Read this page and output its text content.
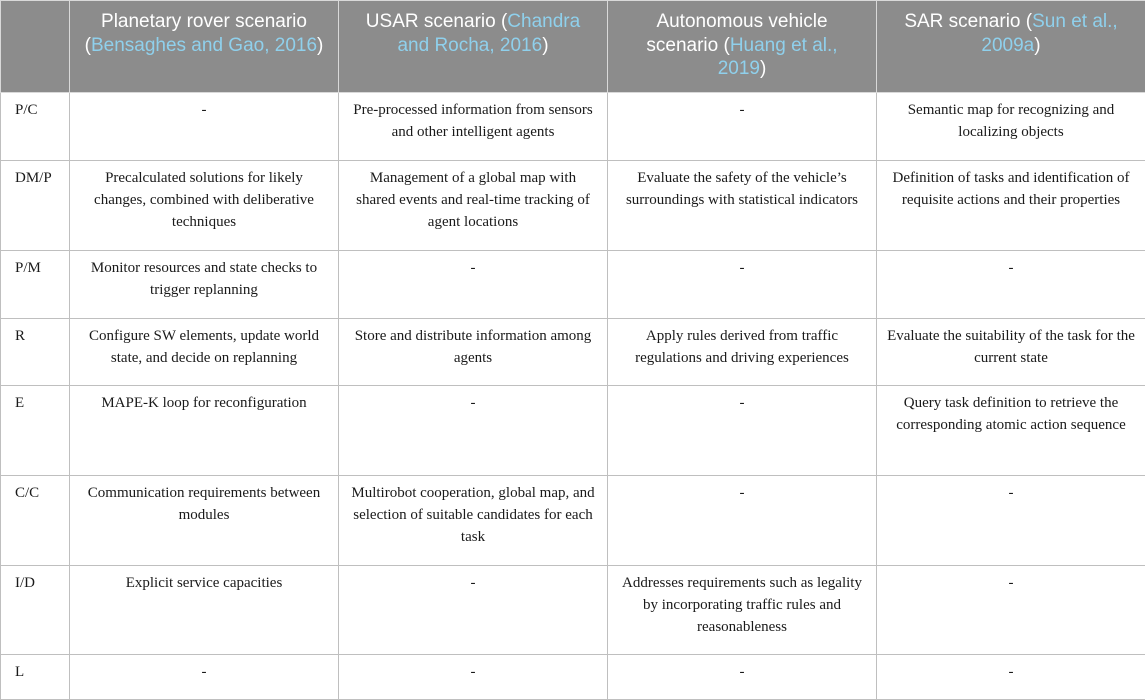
	Planetary rover scenario (Bensaghes and Gao, 2016)	USAR scenario (Chandra and Rocha, 2016)	Autonomous vehicle scenario (Huang et al., 2019)	SAR scenario (Sun et al., 2009a)
P/C	-	Pre-processed information from sensors and other intelligent agents	-	Semantic map for recognizing and localizing objects
DM/P	Precalculated solutions for likely changes, combined with deliberative techniques	Management of a global map with shared events and real-time tracking of agent locations	Evaluate the safety of the vehicle’s surroundings with statistical indicators	Definition of tasks and identification of requisite actions and their properties
P/M	Monitor resources and state checks to trigger replanning	-	-	-
R	Configure SW elements, update world state, and decide on replanning	Store and distribute information among agents	Apply rules derived from traffic regulations and driving experiences	Evaluate the suitability of the task for the current state
E	MAPE-K loop for reconfiguration	-	-	Query task definition to retrieve the corresponding atomic action sequence
C/C	Communication requirements between modules	Multirobot cooperation, global map, and selection of suitable candidates for each task	-	-
I/D	Explicit service capacities	-	Addresses requirements such as legality by incorporating traffic rules and reasonableness	-
L	-	-	-	-
